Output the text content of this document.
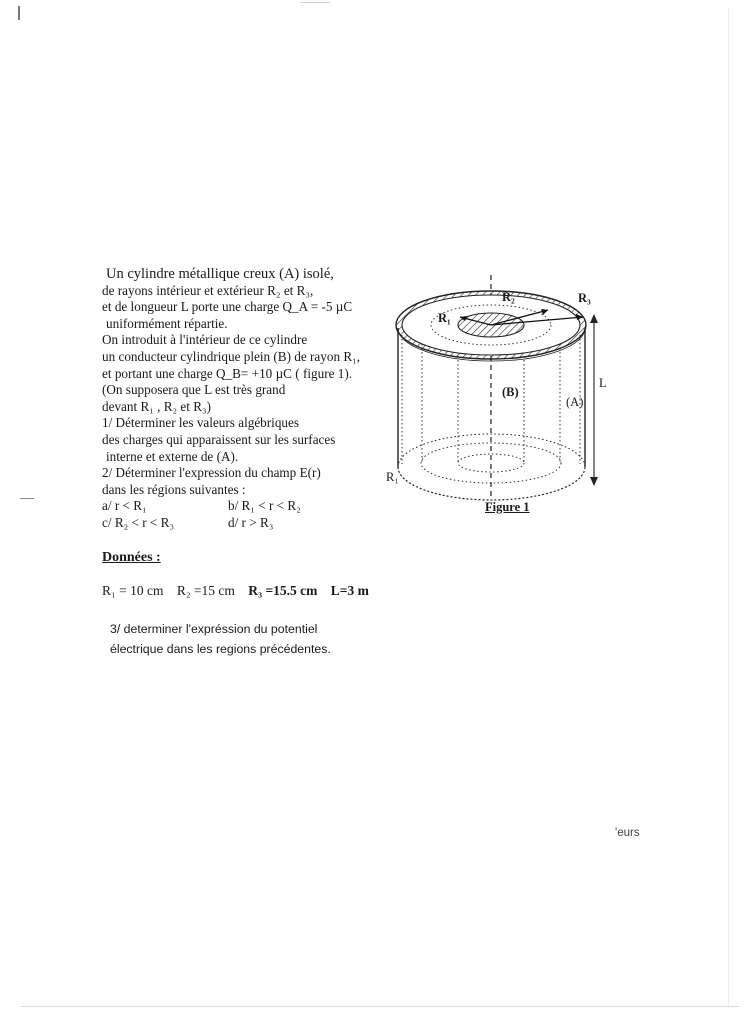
Un cylindre métallique creux (A) isolé,
de rayons intérieur et extérieur R₂ et R₃,
et de longueur L porte une charge Q_A = -5 µC
uniformément répartie.
On introduit à l'intérieur de ce cylindre
un conducteur cylindrique plein (B) de rayon R₁,
et portant une charge Q_B= +10 µC ( figure 1).
(On supposera que L est très grand
devant R₁ , R₂ et R₃)
1/ Déterminer les valeurs algébriques
des charges qui apparaissent sur les surfaces
interne et externe de (A).
2/ Déterminer l'expression du champ E(r)
dans les régions suivantes :
a/ r < R₁	b/ R₁ < r < R₂
c/ R₂ < r < R₃	d/ r > R₃
R₁
R₂	R₃
(B)
(A)
L
R₁
Figure 1
Données :
R₁ = 10 cm R₂ =15 cm R₃ =15.5 cm L=3 m
3/ determiner l'expréssion du potentiel
électrique dans les regions précédentes.
'eurs
